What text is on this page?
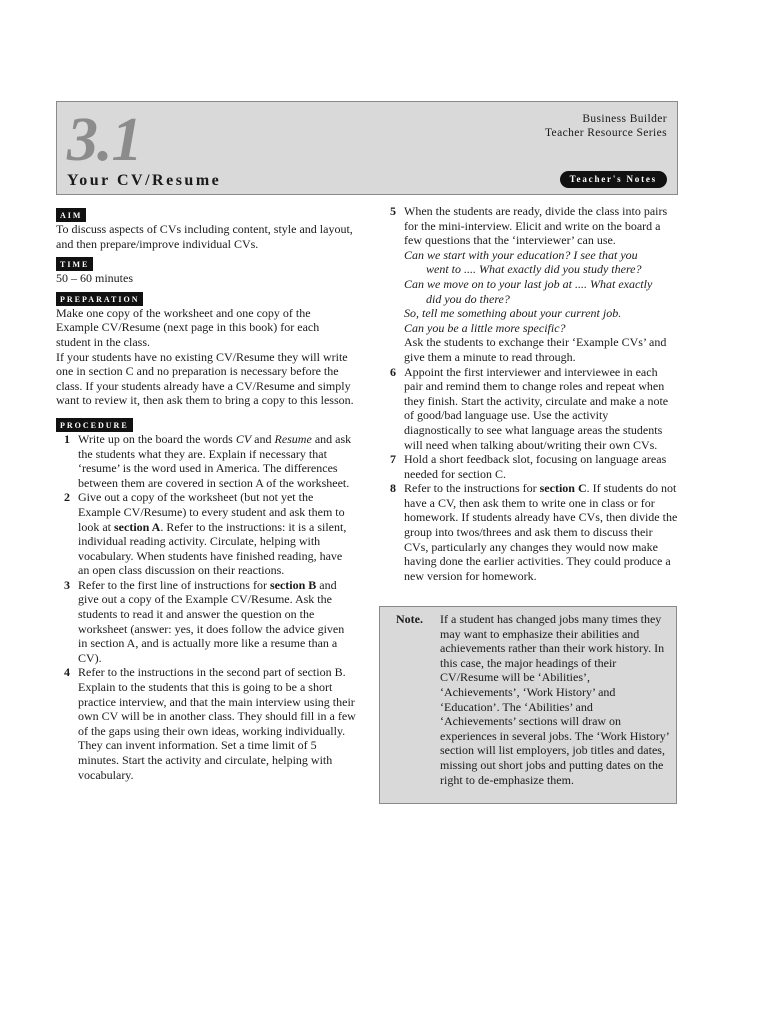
3.1
Your CV/Resume
Business Builder
Teacher Resource Series
Teacher's Notes
AIM

To discuss aspects of CVs including content, style and layout, and then prepare/improve individual CVs.

TIME

50 – 60 minutes

PREPARATION

Make one copy of the worksheet and one copy of the Example CV/Resume (next page in this book) for each student in the class.

If your students have no existing CV/Resume they will write one in section C and no preparation is necessary before the class. If your students already have a CV/Resume and simply want to review it, then ask them to bring a copy to this lesson.

PROCEDURE
1 Write up on the board the words CV and Resume and ask the students what they are. Explain if necessary that ‘resume’ is the word used in America. The differences between them are covered in section A of the worksheet.
2 Give out a copy of the worksheet (but not yet the Example CV/Resume) to every student and ask them to look at section A. Refer to the instructions: it is a silent, individual reading activity. Circulate, helping with vocabulary. When students have finished reading, have an open class discussion on their reactions.
3 Refer to the first line of instructions for section B and give out a copy of the Example CV/Resume. Ask the students to read it and answer the question on the worksheet (answer: yes, it does follow the advice given in section A, and is actually more like a resume than a CV).
4 Refer to the instructions in the second part of section B. Explain to the students that this is going to be a short practice interview, and that the main interview using their own CV will be in another class. They should fill in a few of the gaps using their own ideas, working individually. They can invent information. Set a time limit of 5 minutes. Start the activity and circulate, helping with vocabulary.
5 When the students are ready, divide the class into pairs for the mini-interview. Elicit and write on the board a few questions that the ‘interviewer’ can use.
Can we start with your education? I see that you
went to .... What exactly did you study there?
Can we move on to your last job at .... What exactly
did you do there?
So, tell me something about your current job.
Can you be a little more specific?
Ask the students to exchange their ‘Example CVs’ and give them a minute to read through.
6 Appoint the first interviewer and interviewee in each pair and remind them to change roles and repeat when they finish. Start the activity, circulate and make a note of good/bad language use. Use the activity diagnostically to see what language areas the students will need when talking about/writing their own CVs.
7 Hold a short feedback slot, focusing on language areas needed for section C.
8 Refer to the instructions for section C. If students do not have a CV, then ask them to write one in class or for homework. If students already have CVs, then divide the group into twos/threes and ask them to discuss their CVs, particularly any changes they would now make having done the earlier activities. They could produce a new version for homework.
Note. If a student has changed jobs many times they may want to emphasize their abilities and achievements rather than their work history. In this case, the major headings of their CV/Resume will be ‘Abilities’, ‘Achievements’, ‘Work History’ and ‘Education’. The ‘Abilities’ and ‘Achievements’ sections will draw on experiences in several jobs. The ‘Work History’ section will list employers, job titles and dates, missing out short jobs and putting dates on the right to de-emphasize them.
